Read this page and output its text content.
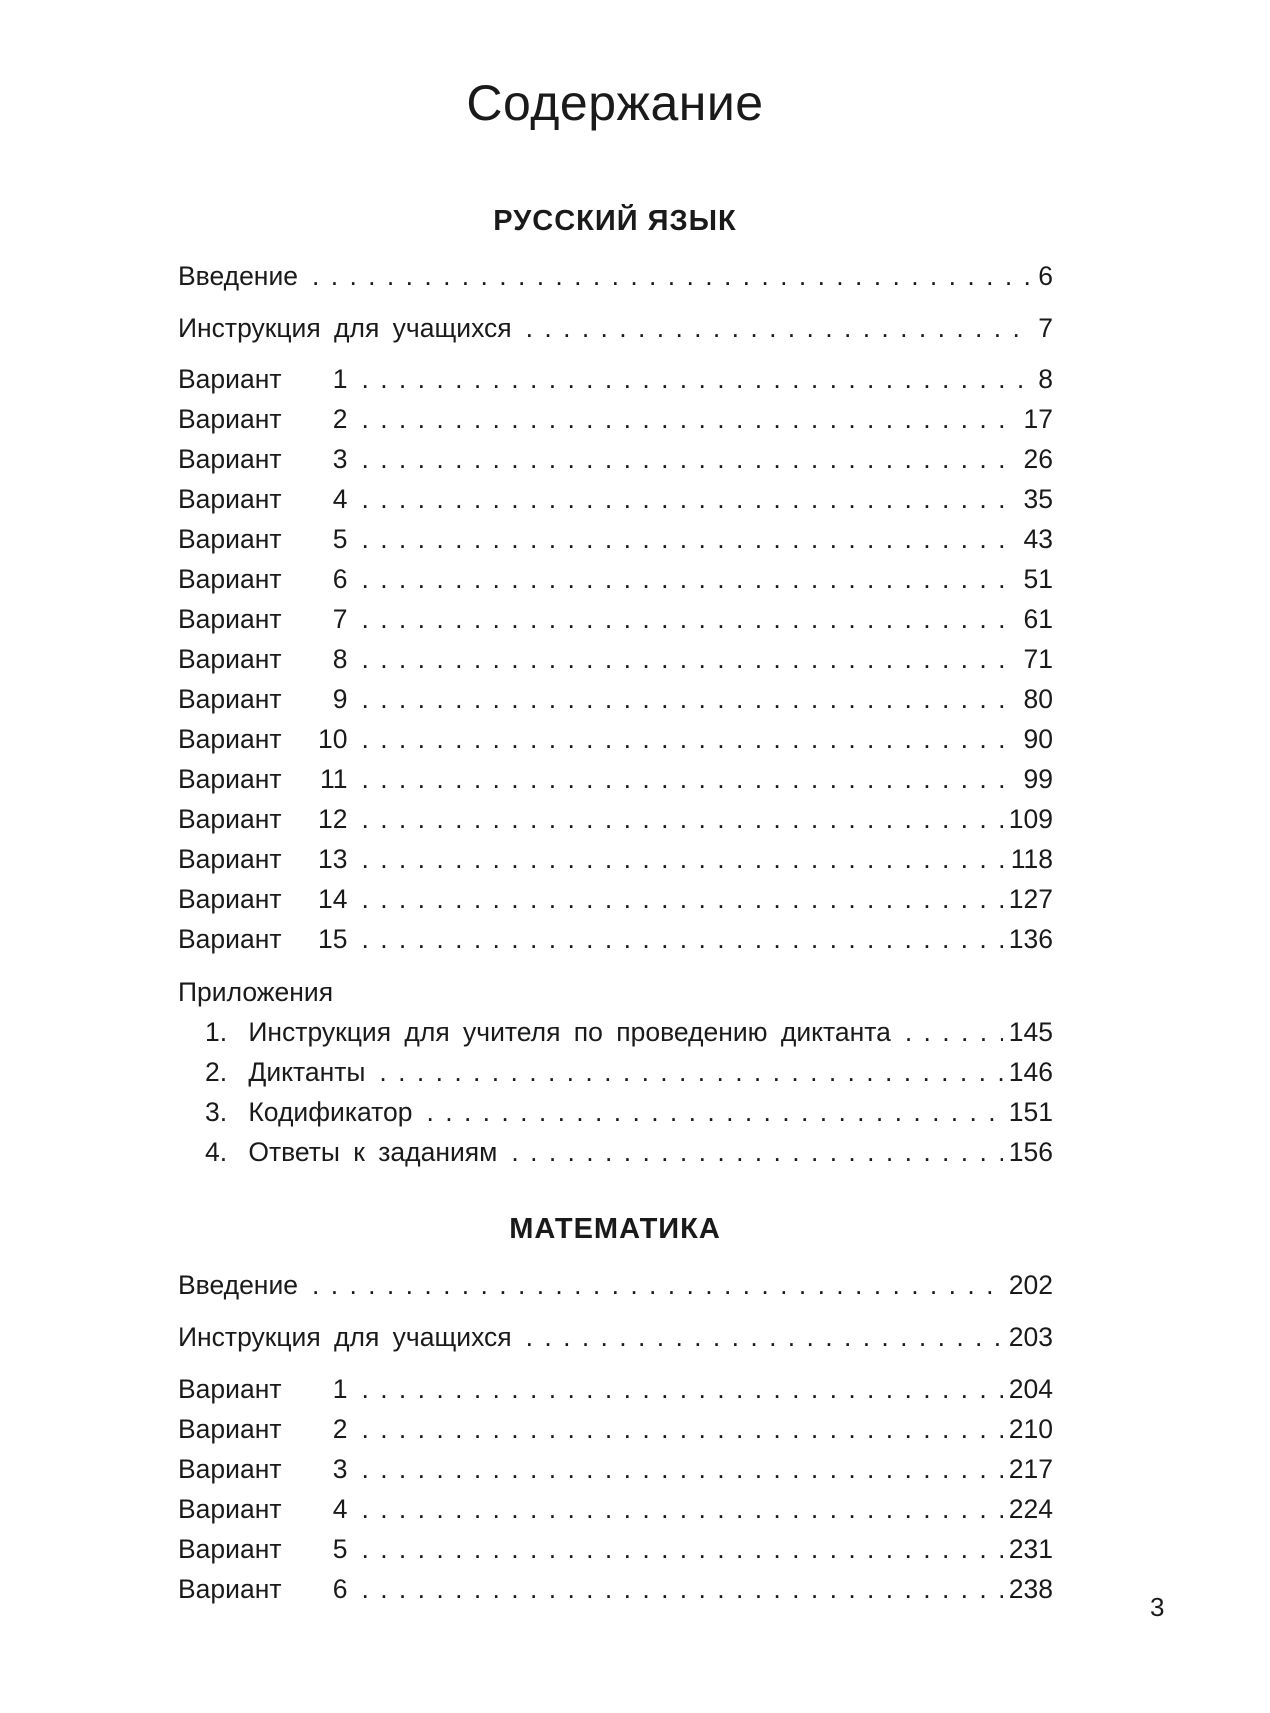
Содержание
РУССКИЙ ЯЗЫК
Введение . . .	6
Инструкция для учащихся . . .	7
Вариант 1 . . .	8
Вариант 2 . . .	17
Вариант 3 . . .	26
Вариант 4 . . .	35
Вариант 5 . . .	43
Вариант 6 . . .	51
Вариант 7 . . .	61
Вариант 8 . . .	71
Вариант 9 . . .	80
Вариант 10 . . .	90
Вариант 11 . . .	99
Вариант 12 . . .	109
Вариант 13 . . .	118
Вариант 14 . . .	127
Вариант 15 . . .	136
Приложения
1. Инструкция для учителя по проведению диктанта . . .	145
2. Диктанты . . .	146
3. Кодификатор . . .	151
4. Ответы к заданиям . . .	156
МАТЕМАТИКА
Введение . . .	202
Инструкция для учащихся . . .	203
Вариант 1 . . .	204
Вариант 2 . . .	210
Вариант 3 . . .	217
Вариант 4 . . .	224
Вариант 5 . . .	231
Вариант 6 . . .	238
3
